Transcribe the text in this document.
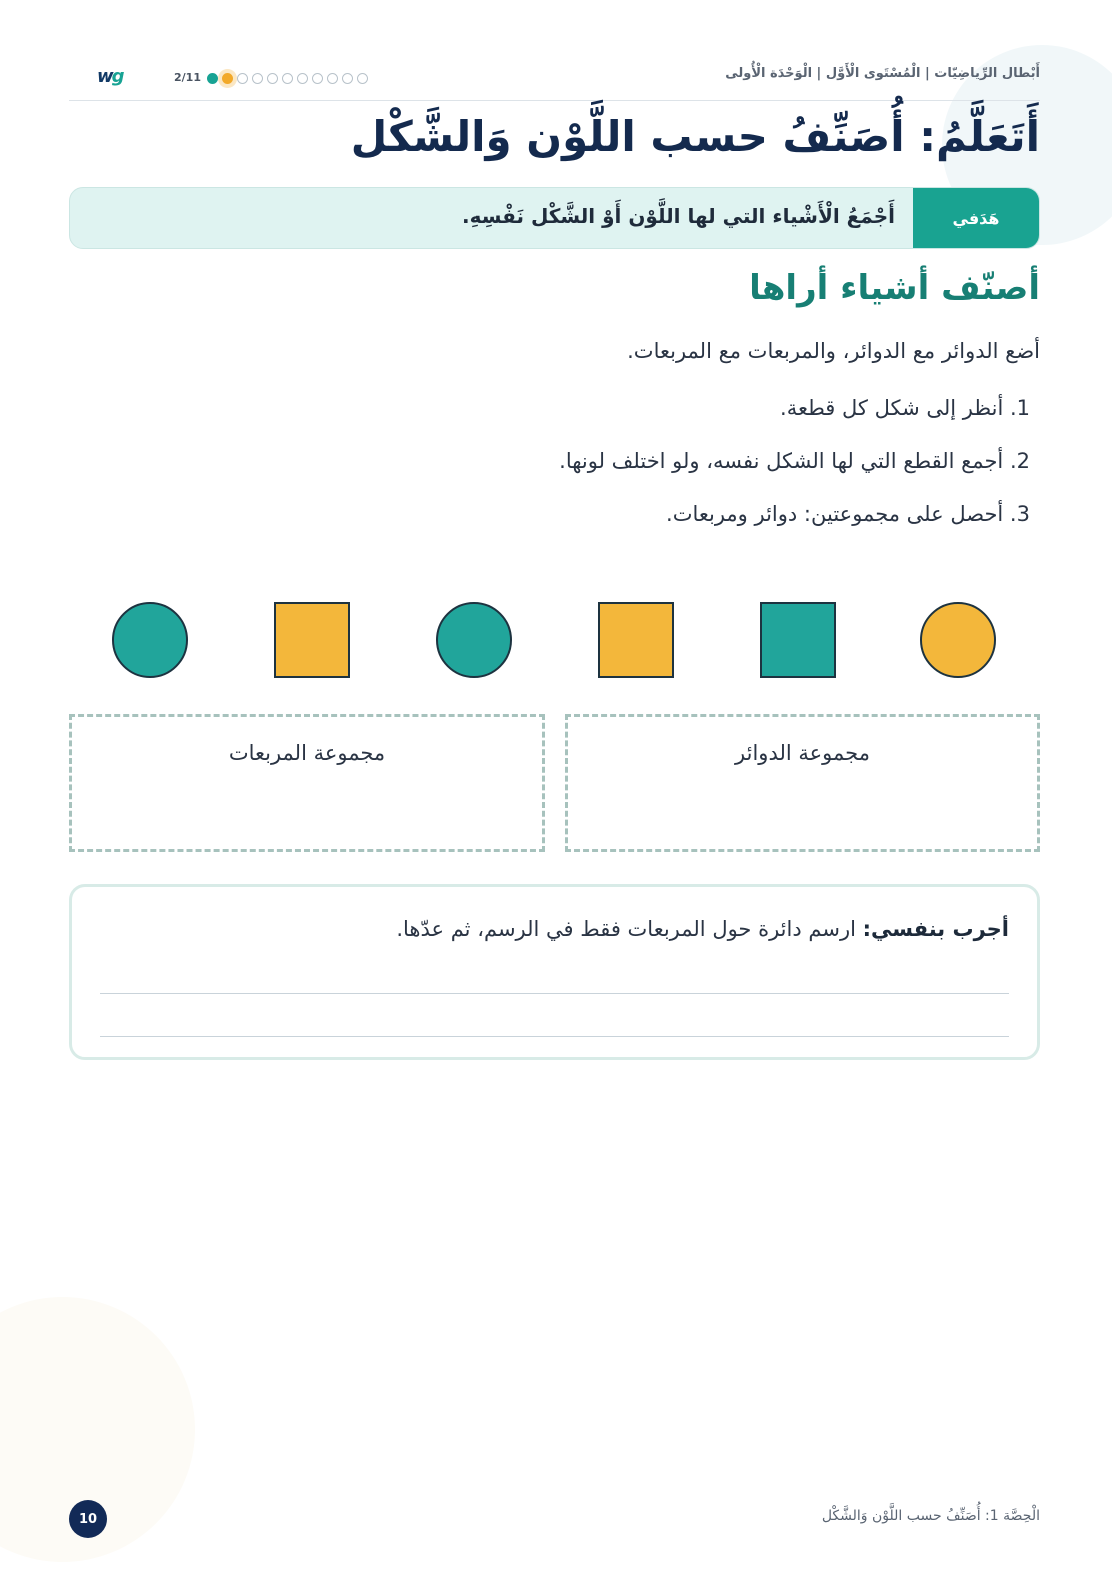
wg	2/11	أَبْطال الرِّياضِيّات | الْمُسْتَوى الْأَوَّل | الْوَحْدَة الْأُولى
أَتَعَلَّمُ: أُصَنِّفُ حسب اللَّوْن وَالشَّكْل
هَدَفي
أَجْمَعُ الْأَشْياء التي لها اللَّوْن أَوْ الشَّكْل نَفْسِهِ.
أصنّف أشياء أراها

أضع الدوائر مع الدوائر، والمربعات مع المربعات.

1. أنظر إلى شكل كل قطعة.
2. أجمع القطع التي لها الشكل نفسه، ولو اختلف لونها.
3. أحصل على مجموعتين: دوائر ومربعات.
مجموعة المربعات	مجموعة الدوائر
أجرب بنفسي: ارسم دائرة حول المربعات فقط في الرسم، ثم عدّها.
10	الْحِصَّة 1: أُصَنِّفُ حسب اللَّوْن وَالشَّكْل
